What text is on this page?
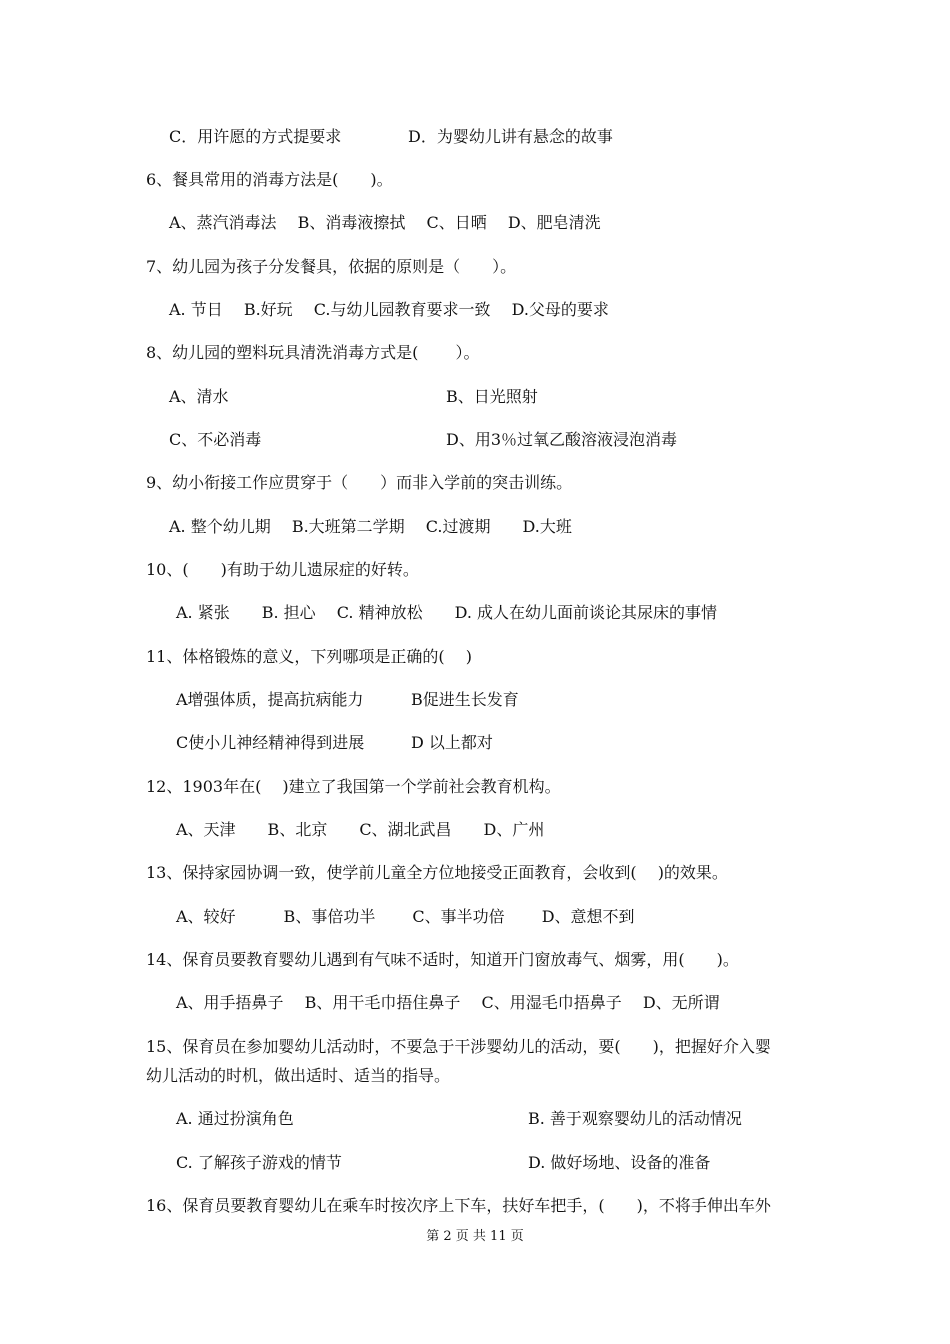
C．用许愿的方式提要求	D．为婴幼儿讲有悬念的故事
6、餐具常用的消毒方法是(　　)。
A、蒸汽消毒法　 B、消毒液擦拭　 C、日晒　 D、肥皂清洗
7、幼儿园为孩子分发餐具，依据的原则是（　　）。
A. 节日　 B.好玩　 C.与幼儿园教育要求一致　 D.父母的要求
8、幼儿园的塑料玩具清洗消毒方式是(　　 ）。
A、清水	B、日光照射
C、不必消毒	D、用3％过氧乙酸溶液浸泡消毒
9、幼小衔接工作应贯穿于（　　）而非入学前的突击训练。
A. 整个幼儿期　 B.大班第二学期　 C.过渡期　　D.大班
10、(　　)有助于幼儿遗尿症的好转。
A. 紧张　　B. 担心　 C. 精神放松　　D. 成人在幼儿面前谈论其尿床的事情
11、体格锻炼的意义，下列哪项是正确的(　 )
A增强体质，提高抗病能力	B促进生长发育
C使小儿神经精神得到进展	D 以上都对
12、1903年在(　 )建立了我国第一个学前社会教育机构。
A、天津　　B、北京　　C、湖北武昌　　D、广州
13、保持家园协调一致，使学前儿童全方位地接受正面教育，会收到(　 )的效果。
A、较好　　　B、事倍功半　　 C、事半功倍　　 D、意想不到
14、保育员要教育婴幼儿遇到有气味不适时，知道开门窗放毒气、烟雾，用(　　)。
A、用手捂鼻子　 B、用干毛巾捂住鼻子　 C、用湿毛巾捂鼻子　 D、无所谓
15、保育员在参加婴幼儿活动时，不要急于干涉婴幼儿的活动，要(　　)，把握好介入婴
幼儿活动的时机，做出适时、适当的指导。
A. 通过扮演角色	B. 善于观察婴幼儿的活动情况
C. 了解孩子游戏的情节	D. 做好场地、设备的准备
16、保育员要教育婴幼儿在乘车时按次序上下车，扶好车把手，(　　)，不将手伸出车外
第 2 页 共 11 页
